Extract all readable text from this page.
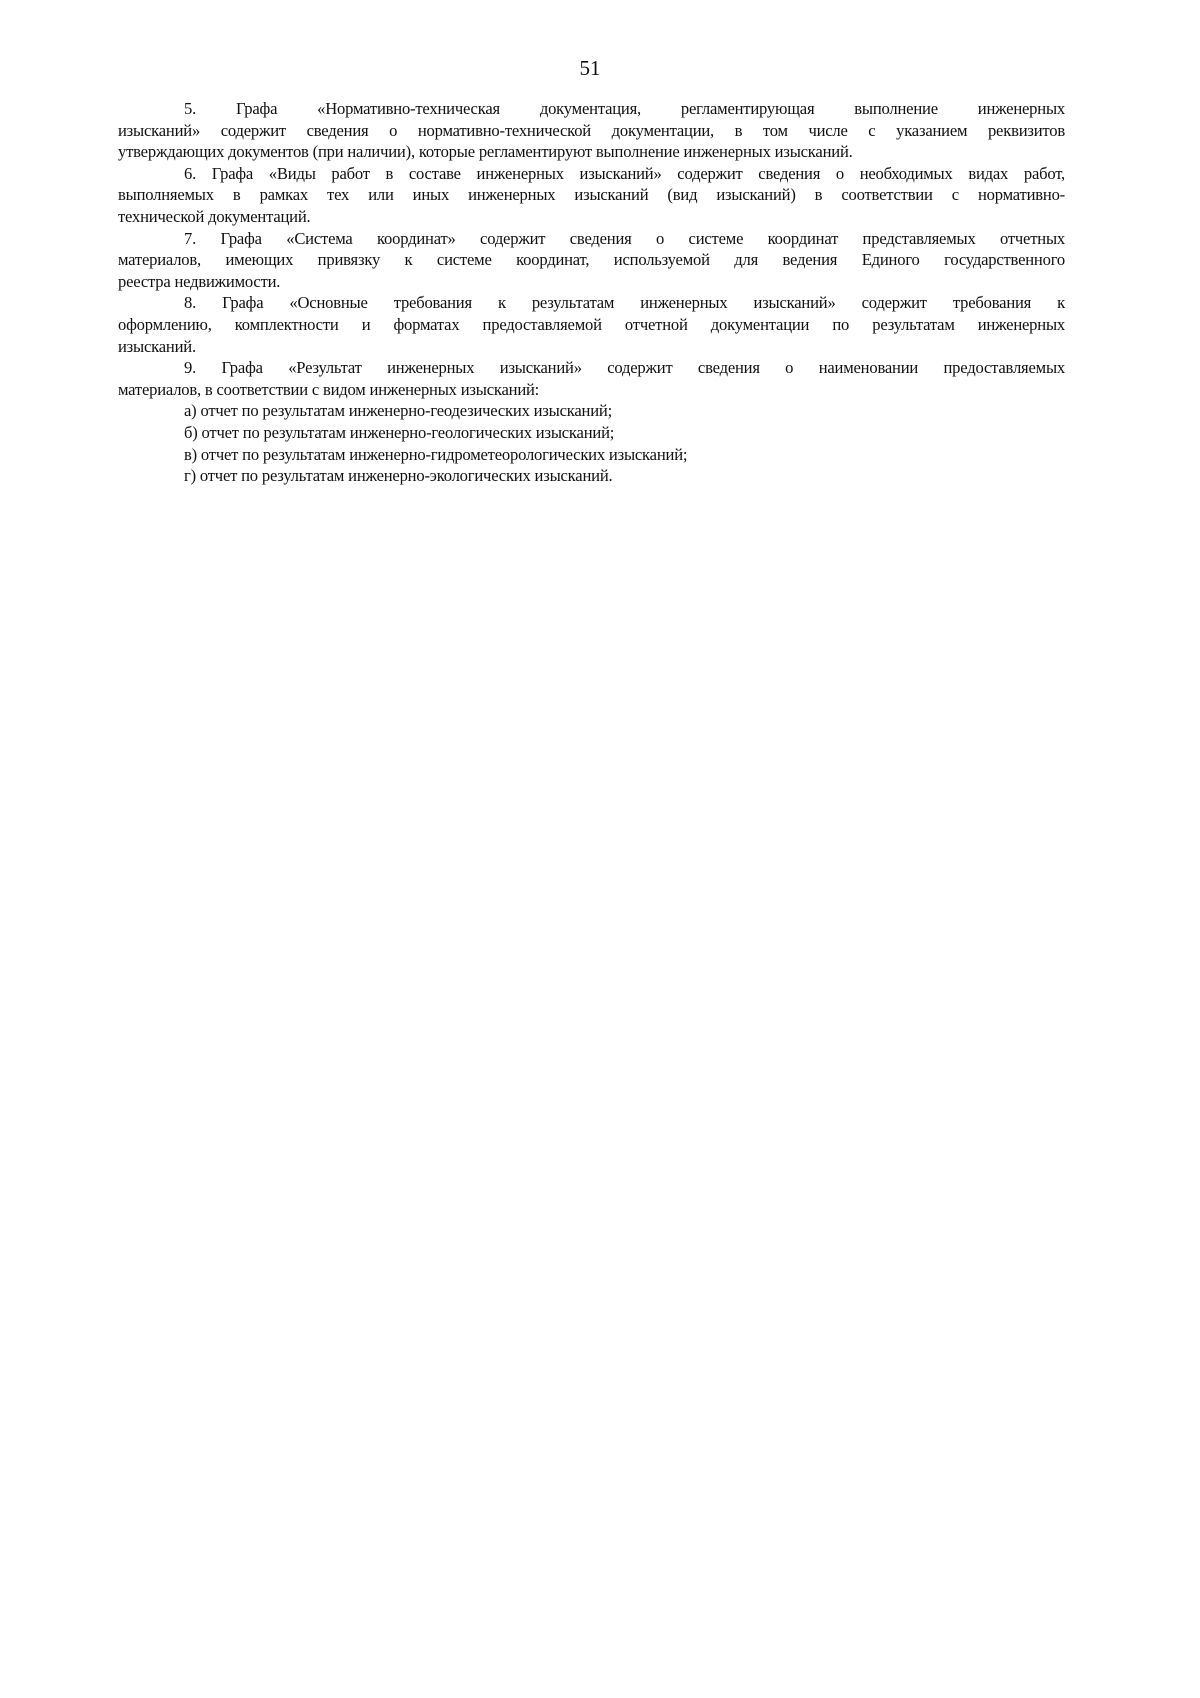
51
5. Графа «Нормативно-техническая документация, регламентирующая выполнение инженерных
изысканий» содержит сведения о нормативно-технической документации, в том числе с указанием реквизитов
утверждающих документов (при наличии), которые регламентируют выполнение инженерных изысканий.
6. Графа «Виды работ в составе инженерных изысканий» содержит сведения о необходимых видах работ,
выполняемых в рамках тех или иных инженерных изысканий (вид изысканий) в соответствии с нормативно-
технической документаций.
7. Графа «Система координат» содержит сведения о системе координат представляемых отчетных
материалов, имеющих привязку к системе координат, используемой для ведения Единого государственного
реестра недвижимости.
8. Графа «Основные требования к результатам инженерных изысканий» содержит требования к
оформлению, комплектности и форматах предоставляемой отчетной документации по результатам инженерных
изысканий.
9. Графа «Результат инженерных изысканий» содержит сведения о наименовании предоставляемых
материалов, в соответствии с видом инженерных изысканий:
а) отчет по результатам инженерно-геодезических изысканий;
б) отчет по результатам инженерно-геологических изысканий;
в) отчет по результатам инженерно-гидрометеорологических изысканий;
г) отчет по результатам инженерно-экологических изысканий.
